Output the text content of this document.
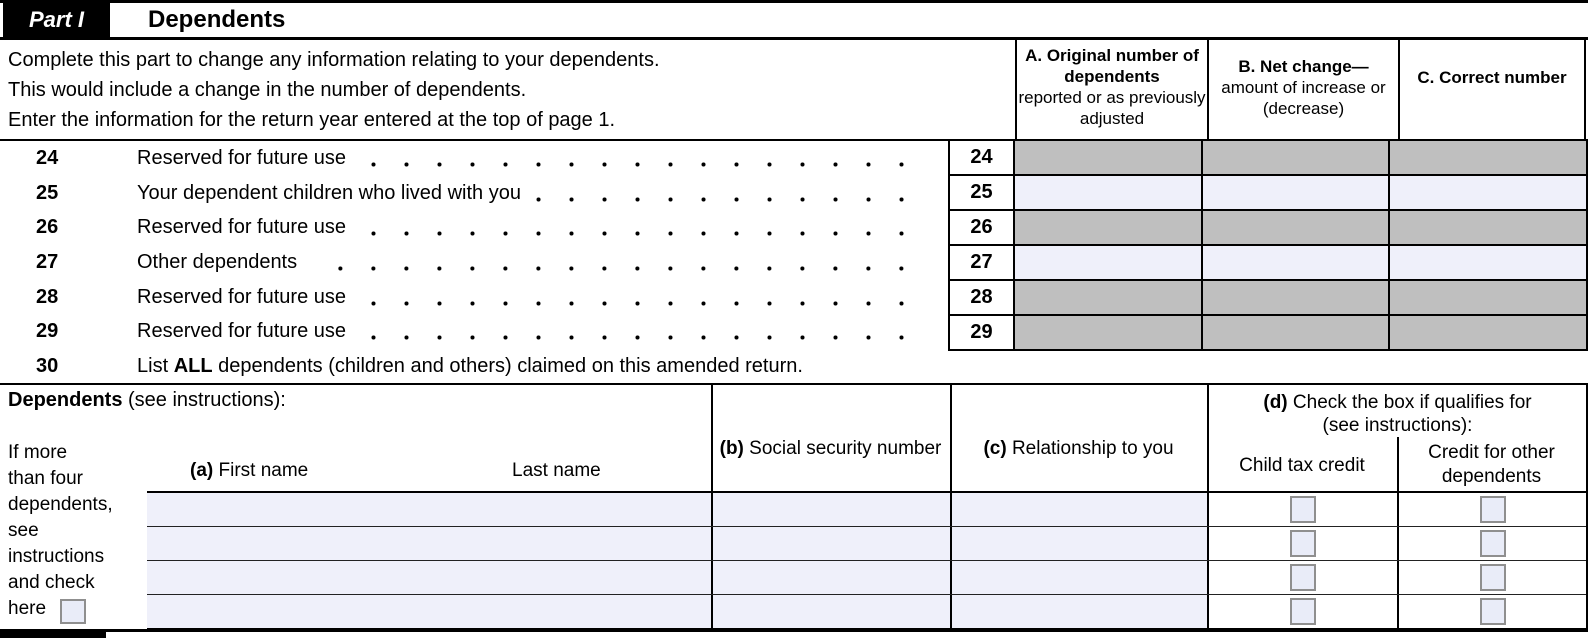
Part I	Dependents
Complete this part to change any information relating to your dependents.
This would include a change in the number of dependents.
Enter the information for the return year entered at the top of page 1.
A. Original number of dependents
reported or as previously adjusted
B. Net change—
amount of increase or (decrease)
C. Correct number
24	Reserved for future use
25	Your dependent children who lived with you
26	Reserved for future use
27	Other dependents
28	Reserved for future use
29	Reserved for future use
24
25
26
27
28
29
30	List ALL dependents (children and others) claimed on this amended return.
Dependents (see instructions):
If more
than four
dependents,
see
instructions
and check
here
(a) First name	Last name
(b) Social security number	(c) Relationship to you
(d) Check the box if qualifies for
(see instructions):
Child tax credit
Credit for other dependents
